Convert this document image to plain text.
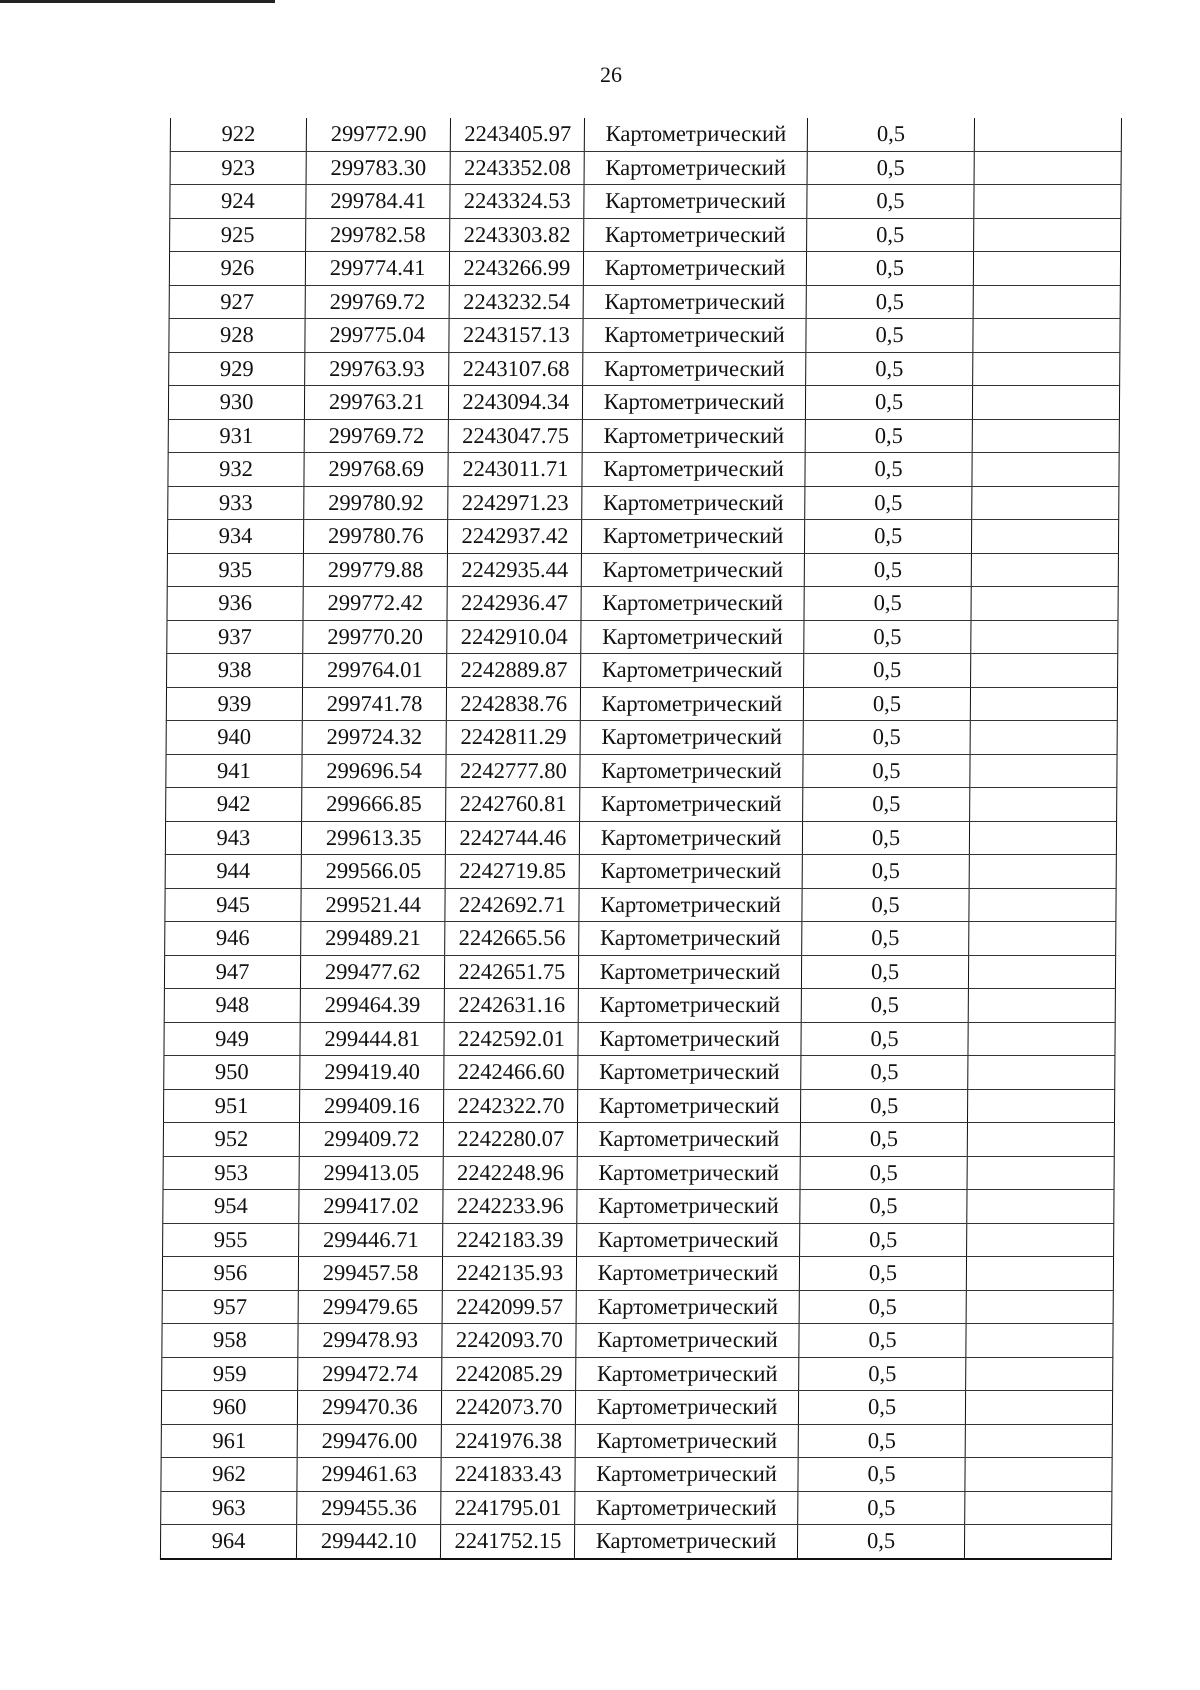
26
922	299772.90	2243405.97	Картометрический	0,5	
923	299783.30	2243352.08	Картометрический	0,5	
924	299784.41	2243324.53	Картометрический	0,5	
925	299782.58	2243303.82	Картометрический	0,5	
926	299774.41	2243266.99	Картометрический	0,5	
927	299769.72	2243232.54	Картометрический	0,5	
928	299775.04	2243157.13	Картометрический	0,5	
929	299763.93	2243107.68	Картометрический	0,5	
930	299763.21	2243094.34	Картометрический	0,5	
931	299769.72	2243047.75	Картометрический	0,5	
932	299768.69	2243011.71	Картометрический	0,5	
933	299780.92	2242971.23	Картометрический	0,5	
934	299780.76	2242937.42	Картометрический	0,5	
935	299779.88	2242935.44	Картометрический	0,5	
936	299772.42	2242936.47	Картометрический	0,5	
937	299770.20	2242910.04	Картометрический	0,5	
938	299764.01	2242889.87	Картометрический	0,5	
939	299741.78	2242838.76	Картометрический	0,5	
940	299724.32	2242811.29	Картометрический	0,5	
941	299696.54	2242777.80	Картометрический	0,5	
942	299666.85	2242760.81	Картометрический	0,5	
943	299613.35	2242744.46	Картометрический	0,5	
944	299566.05	2242719.85	Картометрический	0,5	
945	299521.44	2242692.71	Картометрический	0,5	
946	299489.21	2242665.56	Картометрический	0,5	
947	299477.62	2242651.75	Картометрический	0,5	
948	299464.39	2242631.16	Картометрический	0,5	
949	299444.81	2242592.01	Картометрический	0,5	
950	299419.40	2242466.60	Картометрический	0,5	
951	299409.16	2242322.70	Картометрический	0,5	
952	299409.72	2242280.07	Картометрический	0,5	
953	299413.05	2242248.96	Картометрический	0,5	
954	299417.02	2242233.96	Картометрический	0,5	
955	299446.71	2242183.39	Картометрический	0,5	
956	299457.58	2242135.93	Картометрический	0,5	
957	299479.65	2242099.57	Картометрический	0,5	
958	299478.93	2242093.70	Картометрический	0,5	
959	299472.74	2242085.29	Картометрический	0,5	
960	299470.36	2242073.70	Картометрический	0,5	
961	299476.00	2241976.38	Картометрический	0,5	
962	299461.63	2241833.43	Картометрический	0,5	
963	299455.36	2241795.01	Картометрический	0,5	
964	299442.10	2241752.15	Картометрический	0,5	
